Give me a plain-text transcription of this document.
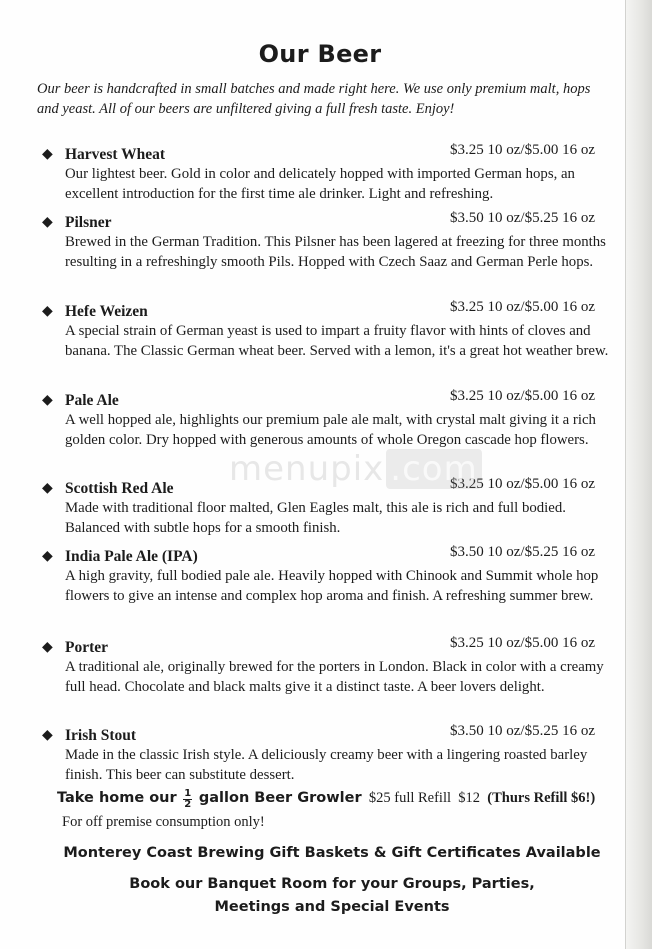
Our Beer
Our beer is handcrafted in small batches and made right here. We use only premium malt, hops and yeast. All of our beers are unfiltered giving a full fresh taste. Enjoy!
◆ Harvest Wheat	$3.25 10 oz/$5.00 16 oz
Our lightest beer. Gold in color and delicately hopped with imported German hops, an excellent introduction for the first time ale drinker. Light and refreshing.
◆ Pilsner	$3.50 10 oz/$5.25 16 oz
Brewed in the German Tradition. This Pilsner has been lagered at freezing for three months resulting in a refreshingly smooth Pils. Hopped with Czech Saaz and German Perle hops.
◆ Hefe Weizen	$3.25 10 oz/$5.00 16 oz
A special strain of German yeast is used to impart a fruity flavor with hints of cloves and banana. The Classic German wheat beer. Served with a lemon, it's a great hot weather brew.
◆ Pale Ale	$3.25 10 oz/$5.00 16 oz
A well hopped ale, highlights our premium pale ale malt, with crystal malt giving it a rich golden color. Dry hopped with generous amounts of whole Oregon cascade hop flowers.
◆ Scottish Red Ale	$3.25 10 oz/$5.00 16 oz
Made with traditional floor malted, Glen Eagles malt, this ale is rich and full bodied. Balanced with subtle hops for a smooth finish.
◆ India Pale Ale (IPA)	$3.50 10 oz/$5.25 16 oz
A high gravity, full bodied pale ale. Heavily hopped with Chinook and Summit whole hop flowers to give an intense and complex hop aroma and finish. A refreshing summer brew.
◆ Porter	$3.25 10 oz/$5.00 16 oz
A traditional ale, originally brewed for the porters in London. Black in color with a creamy full head. Chocolate and black malts give it a distinct taste. A beer lovers delight.
◆ Irish Stout	$3.50 10 oz/$5.25 16 oz
Made in the classic Irish style. A deliciously creamy beer with a lingering roasted barley finish. This beer can substitute dessert.
Take home our $\frac{1}{2}$ gallon Beer Growler $25 full Refill $12 (Thurs Refill $6!)
For off premise consumption only!
Monterey Coast Brewing Gift Baskets & Gift Certificates Available
Book our Banquet Room for your Groups, Parties,
Meetings and Special Events
menupix .com
